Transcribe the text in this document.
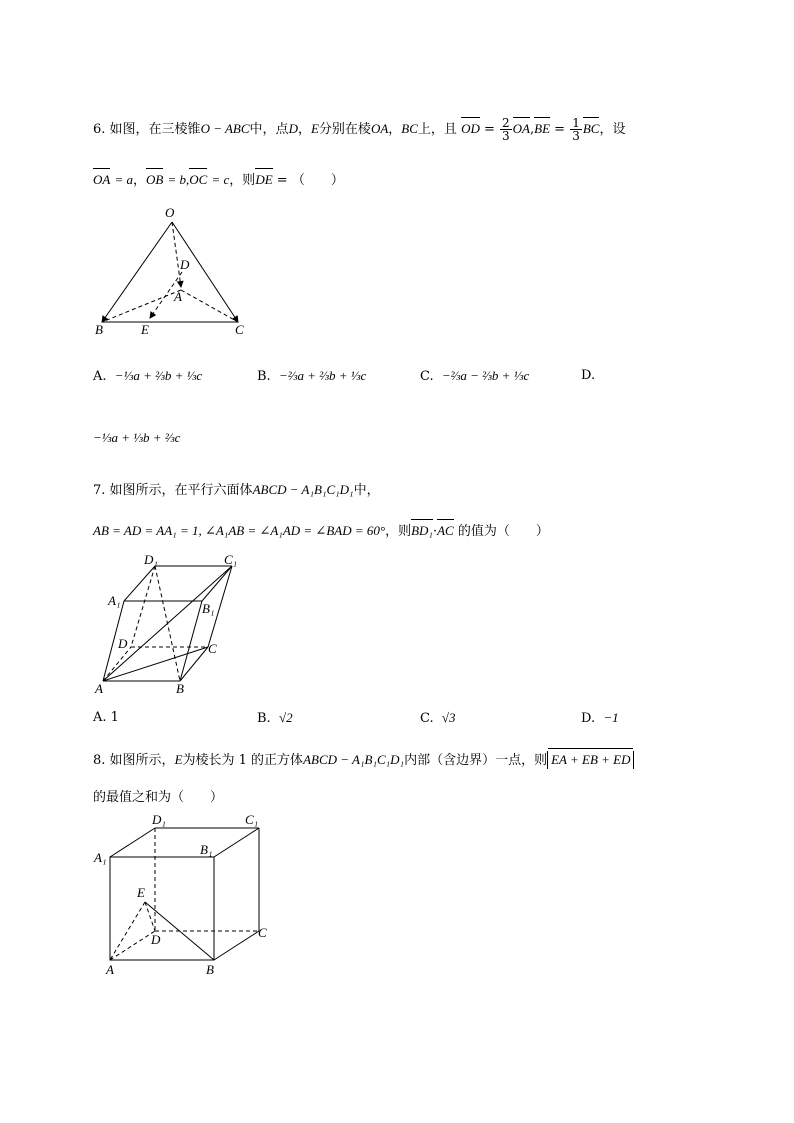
6. 如图，在三棱锥O − ABC中，点D，E分别在棱OA，BC上，且 OD = $\frac{2}{3} OA,BE = \frac{1}{3}$ BC，设
OA = a，OB = b,OC = c，则DE = （　　）
O
D
A
B	E	C
A. −⅓a + ⅔b + ⅓c	B. −⅔a + ⅔b + ⅓c	C. −⅔a − ⅔b + ⅓c	D.
−⅓a + ⅓b + ⅔c
7. 如图所示，在平行六面体ABCD − A₁B₁C₁D₁中，
AB = AD = AA₁ = 1, ∠A₁AB = ∠A₁AD = ∠BAD = 60°，则BD₁·AC 的值为（　　）
D₁	C₁
A₁
B₁
D	C
A	B
A. 1	B. √2	C. √3	D. −1
8. 如图所示，E为棱长为 1 的正方体ABCD − A₁B₁C₁D₁内部（含边界）一点，则 EA + EB + ED
的最值之和为（　　）
D₁	C₁
A₁
B₁
E
D	C
A	B
